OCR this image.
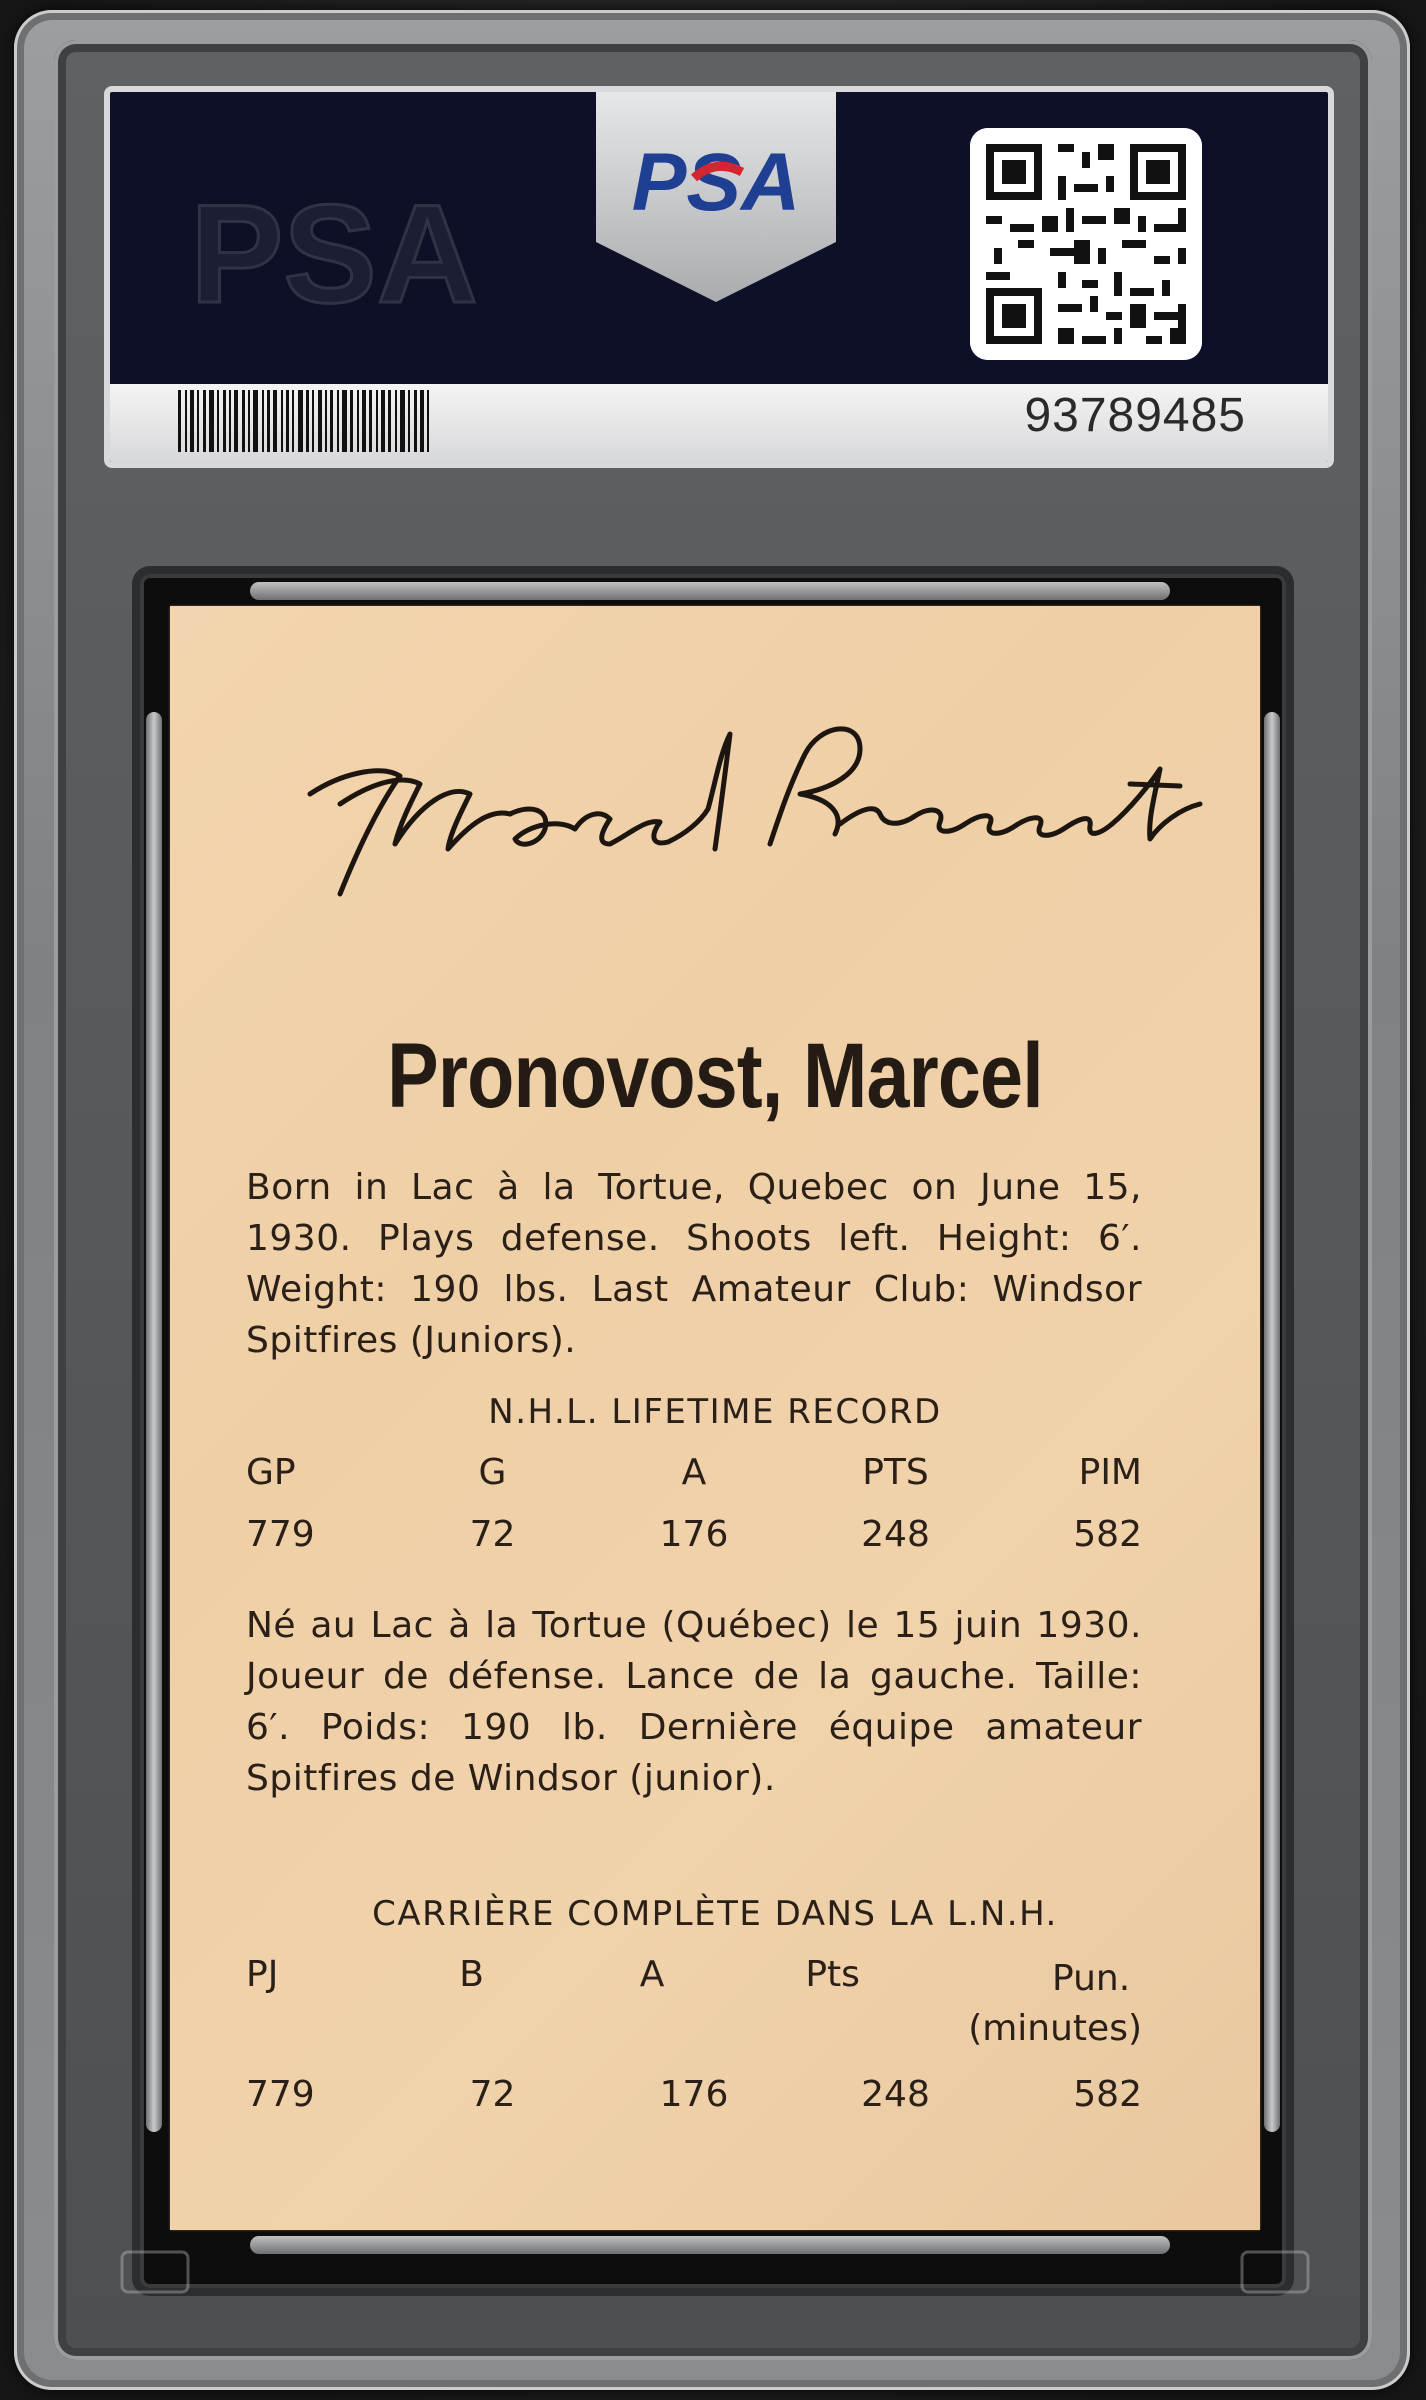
PSA PSA
93789485
Pronovost, Marcel
Born in Lac à la Tortue, Quebec on June 15, 1930. Plays defense. Shoots left. Height: 6′. Weight: 190 lbs. Last Amateur Club: Windsor Spitfires (Juniors).
N.H.L. LIFETIME RECORD
GP	G	A	PTS	PIM
779	72	176	248	582
Né au Lac à la Tortue (Québec) le 15 juin 1930. Joueur de défense. Lance de la gauche. Taille: 6′. Poids: 190 lb. Dernière équipe amateur Spitfires de Windsor (junior).
CARRIÈRE COMPLÈTE DANS LA L.N.H.
PJ	B	A	Pts	Pun.
(minutes)
779	72	176	248	582
